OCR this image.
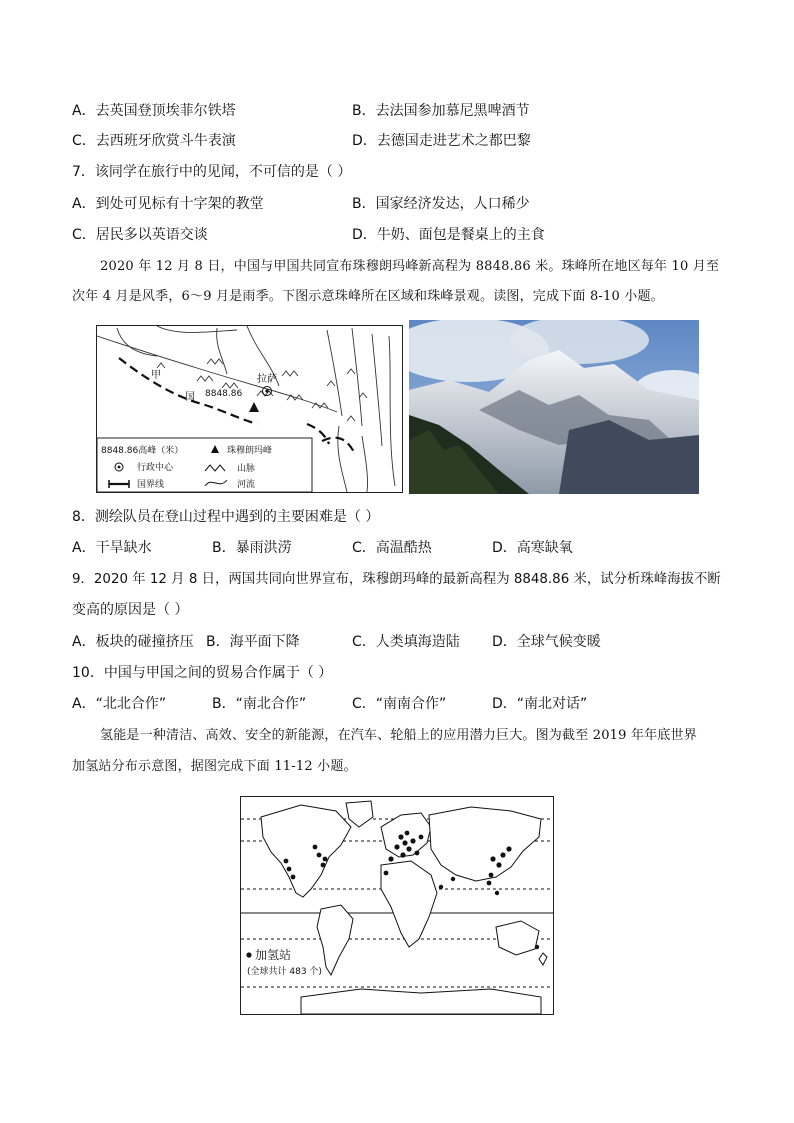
A．去英国登顶埃菲尔铁塔	B．去法国参加慕尼黑啤酒节
C．去西班牙欣赏斗牛表演	D．去德国走进艺术之都巴黎
7．该同学在旅行中的见闻，不可信的是（ ）
A．到处可见标有十字架的教堂	B．国家经济发达，人口稀少
C．居民多以英语交谈	D．牛奶、面包是餐桌上的主食
2020 年 12 月 8 日，中国与甲国共同宣布珠穆朗玛峰新高程为 8848.86 米。珠峰所在地区每年 10 月至
次年 4 月是风季，6～9 月是雨季。下图示意珠峰所在区域和珠峰景观。读图，完成下面 8-10 小题。
拉萨
甲
国 8848.86
8848.86高峰（米）	珠穆朗玛峰
行政中心	山脉
国界线	河流
8．测绘队员在登山过程中遇到的主要困难是（ ）
A．干旱缺水	B．暴雨洪涝	C．高温酷热	D．高寒缺氧
9．2020 年 12 月 8 日，两国共同向世界宣布，珠穆朗玛峰的最新高程为 8848.86 米，试分析珠峰海拔不断
变高的原因是（ ）
A．板块的碰撞挤压 B．海平面下降	C．人类填海造陆 D．全球气候变暖
10．中国与甲国之间的贸易合作属于（ ）
A．“北北合作”	B．“南北合作”	C．“南南合作”	D．“南北对话”
氢能是一种清洁、高效、安全的新能源，在汽车、轮船上的应用潜力巨大。图为截至 2019 年年底世界
加氢站分布示意图，据图完成下面 11-12 小题。
加氢站
(全球共计 483 个)
